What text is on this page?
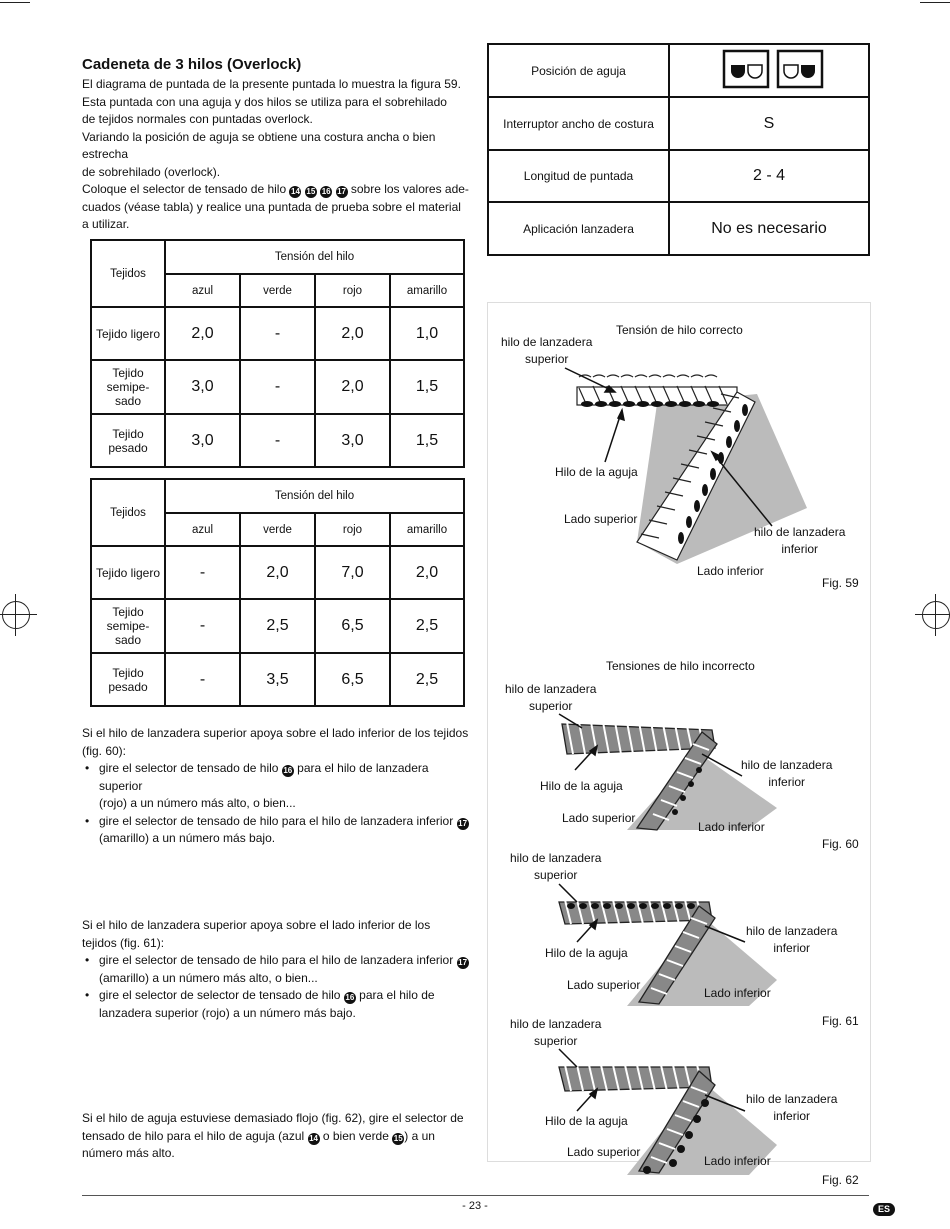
Cadeneta de 3 hilos (Overlock)

El diagrama de puntada de la presente puntada lo muestra la figura 59.
Esta puntada con una aguja y dos hilos se utiliza para el sobrehilado
de tejidos normales con puntadas overlock.
Variando la posición de aguja se obtiene una costura ancha o bien estrecha
de sobrehilado (overlock).

Coloque el selector de tensado de hilo 14 15 16 17 sobre los valores ade-
cuados (véase tabla) y realice una puntada de prueba sobre el material
a utilizar.

Tejidos	Tensión del hilo			
	azul	verde	rojo	amarillo
Tejido ligero	2,0	-	2,0	1,0
Tejido semipe-
sado	3,0	-	2,0	1,5
Tejido pesado	3,0	-	3,0	1,5
Tejidos	Tensión del hilo			
	azul	verde	rojo	amarillo
Tejido ligero	-	2,0	7,0	2,0
Tejido semipe-
sado	-	2,5	6,5	2,5
Tejido pesado	-	3,5	6,5	2,5

Si el hilo de lanzadera superior apoya sobre el lado inferior de los tejidos
(fig. 60):

• gire el selector de tensado de hilo 16 para el hilo de lanzadera superior
(rojo) a un número más alto, o bien...
• gire el selector de tensado de hilo para el hilo de lanzadera inferior 17
(amarillo) a un número más bajo.

Si el hilo de lanzadera superior apoya sobre el lado inferior de los
tejidos (fig. 61):

• gire el selector de tensado de hilo para el hilo de lanzadera inferior 17
(amarillo) a un número más alto, o bien...
• gire el selector de selector de tensado de hilo 16 para el hilo de
lanzadera superior (rojo) a un número más bajo.

Si el hilo de aguja estuviese demasiado flojo (fig. 62), gire el selector de
tensado de hilo para el hilo de aguja (azul 14 o bien verde 15 ) a un
número más alto.

Posición de aguja	
Interruptor ancho de costura	S
Longitud de puntada	2 - 4
Aplicación lanzadera	No es necesario
Tensión de hilo correcto
hilo de lanzadera
superior
Hilo de la aguja
Lado superior
hilo de lanzadera
inferior
Lado inferior
Fig. 59
Tensiones de hilo incorrecto
hilo de lanzadera
superior
hilo de lanzadera
inferior
Hilo de la aguja
Lado superior
Lado inferior
Fig. 60
hilo de lanzadera
superior
hilo de lanzadera
inferior
Hilo de la aguja
Lado superior
Lado inferior
Fig. 61
hilo de lanzadera
superior
hilo de lanzadera
inferior
Hilo de la aguja
Lado superior
Lado inferior
Fig. 62
- 23 -	ES
